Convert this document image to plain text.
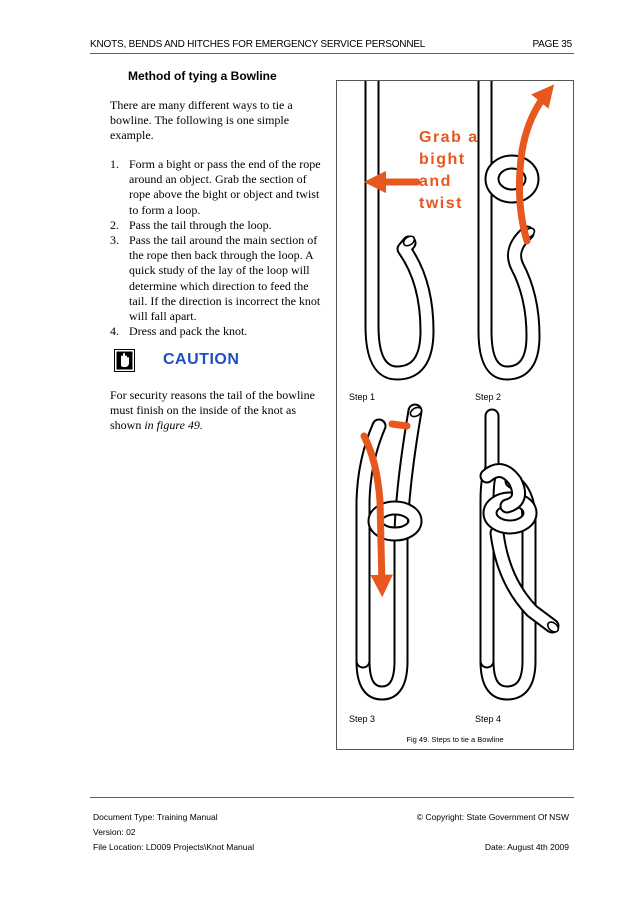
KNOTS, BENDS AND HITCHES FOR EMERGENCY SERVICE PERSONNEL	PAGE 35
Method of tying a Bowline
There are many different ways to tie a bowline. The following is one simple example.
1. Form a bight or pass the end of the rope around an object. Grab the section of rope above the bight or object and twist to form a loop.
2. Pass the tail through the loop.
3. Pass the tail around the main section of the rope then back through the loop. A quick study of the lay of the loop will determine which direction to feed the tail. If the direction is incorrect the knot will fall apart.
4. Dress and pack the knot.
CAUTION
For security reasons the tail of the bowline must finish on the inside of the knot as shown in figure 49.
Grab a
bight
and
twist
Step 1	Step 2
Step 3	Step 4
Fig 49. Steps to tie a Bowline
Document Type: Training Manual	© Copyright: State Government Of NSW
Version: 02
File Location: LD009 Projects\Knot Manual	Date: August 4th 2009
